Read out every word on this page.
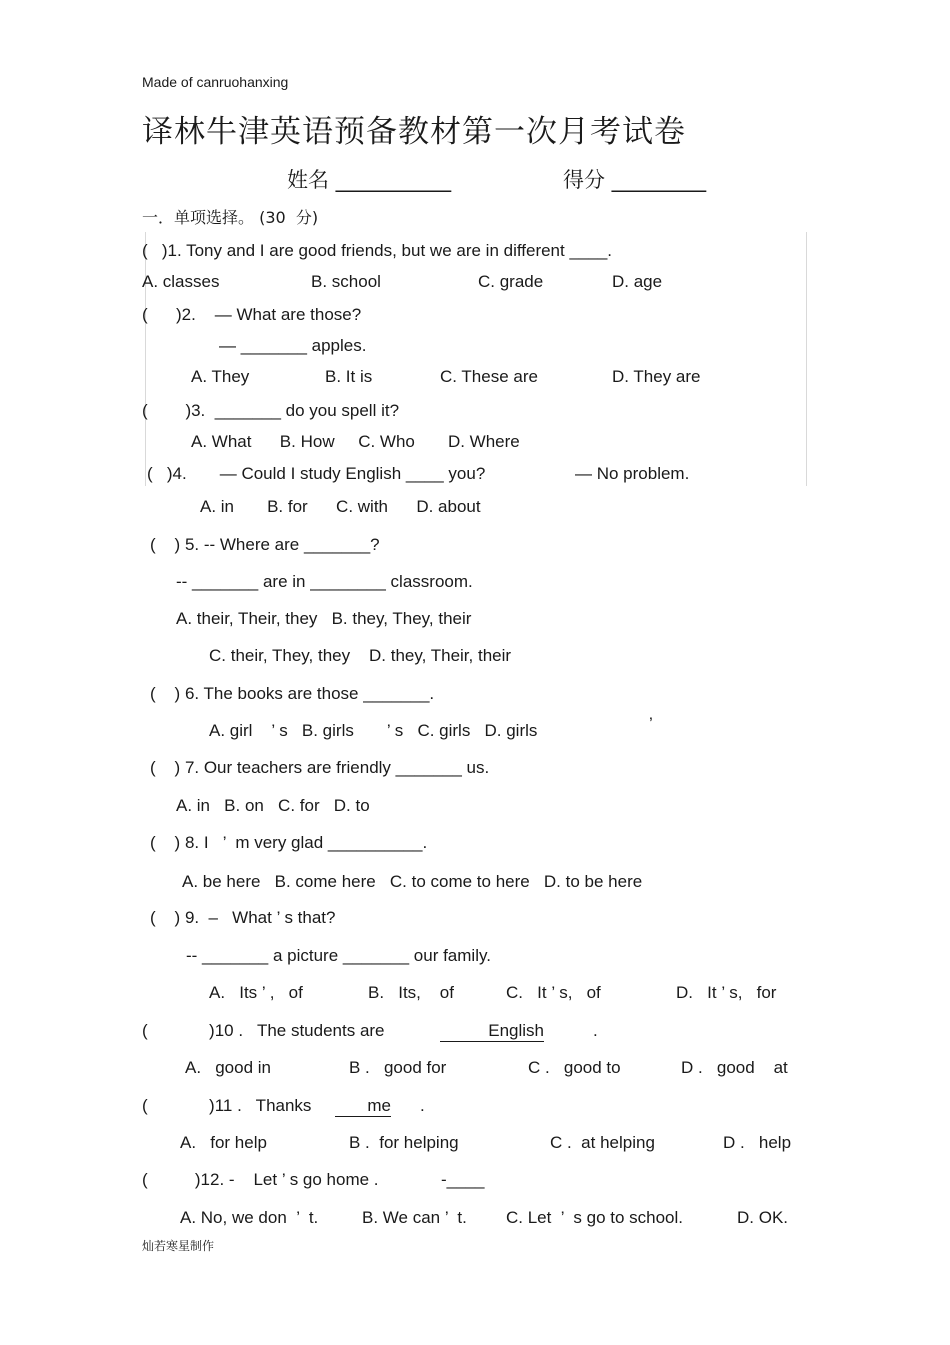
Made of canruohanxing
译林牛津英语预备教材第一次月考试卷
姓名 ___________	得分 _________
一．单项选择。 (30  分)
(   )1. Tony and I are good friends, but we are in different ____.
A. classes	B. school	C. grade	D. age
(      )2.    — What are those?
— _______ apples.
A. They	B. It is	C. These are	D. They are
(        )3.  _______ do you spell it?
A. What      B. How     C. Who       D. Where
(   )4.       — Could I study English ____ you?	— No problem.
A. in       B. for      C. with      D. about
(    ) 5. -- Where are _______?
-- _______ are in ________ classroom.
A. their, Their, they   B. they, They, their
C. their, They, they    D. they, Their, their
(    ) 6. The books are those _______.
A. girl    ’ s   B. girls       ’ s   C. girls   D. girls	’
(    ) 7. Our teachers are friendly _______ us.
A. in   B. on   C. for   D. to
(    ) 8. I   ’  m very glad __________.
A. be here   B. come here   C. to come to here   D. to be here
(    ) 9.  –   What ’ s that?
-- _______ a picture _______ our family.
A.   Its ’ ,   of	B.   Its,    of	C.   It ’ s,   of	D.   It ’ s,   for
(             )10 .   The students are	English	.
A.   good in	B .   good for	C .   good to	D .   good    at
(             )11 .   Thanks	me .
A.   for help	B .  for helping	C .  at helping	D .   help
(          )12. -    Let ’ s go home .	-____
A. No, we don  ’  t.	B. We can ’  t. C. Let  ’  s go to school.	D. OK.
灿若寒星制作
